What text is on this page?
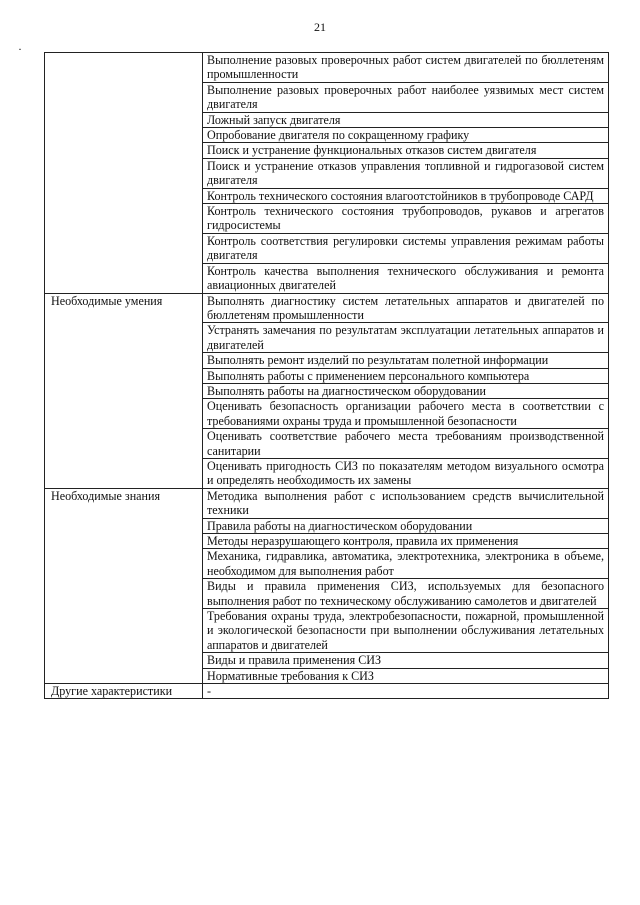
21
·
	Выполнение разовых проверочных работ систем двигателей по бюллетеням промышленности
	Выполнение разовых проверочных работ наиболее уязвимых мест систем двигателя
	Ложный запуск двигателя
	Опробование двигателя по сокращенному графику
	Поиск и устранение функциональных отказов систем двигателя
	Поиск и устранение отказов управления топливной и гидрогазовой систем двигателя
	Контроль технического состояния влагоотстойников в трубопроводе САРД
	Контроль технического состояния трубопроводов, рукавов и агрегатов гидросистемы
	Контроль соответствия регулировки системы управления режимам работы двигателя
	Контроль качества выполнения технического обслуживания и ремонта авиационных двигателей
Необходимые умения	Выполнять диагностику систем летательных аппаратов и двигателей по бюллетеням промышленности
	Устранять замечания по результатам эксплуатации летательных аппаратов и двигателей
	Выполнять ремонт изделий по результатам полетной информации
	Выполнять работы с применением персонального компьютера
	Выполнять работы на диагностическом оборудовании
	Оценивать безопасность организации рабочего места в соответствии с требованиями охраны труда и промышленной безопасности
	Оценивать соответствие рабочего места требованиям производственной санитарии
	Оценивать пригодность СИЗ по показателям методом визуального осмотра и определять необходимость их замены
Необходимые знания	Методика выполнения работ с использованием средств вычислительной техники
	Правила работы на диагностическом оборудовании
	Методы неразрушающего контроля, правила их применения
	Механика, гидравлика, автоматика, электротехника, электроника в объеме, необходимом для выполнения работ
	Виды и правила применения СИЗ, используемых для безопасного выполнения работ по техническому обслуживанию самолетов и двигателей
	Требования охраны труда, электробезопасности, пожарной, промышленной и экологической безопасности при выполнении обслуживания летательных аппаратов и двигателей
	Виды и правила применения СИЗ
	Нормативные требования к СИЗ
Другие характеристики	-
